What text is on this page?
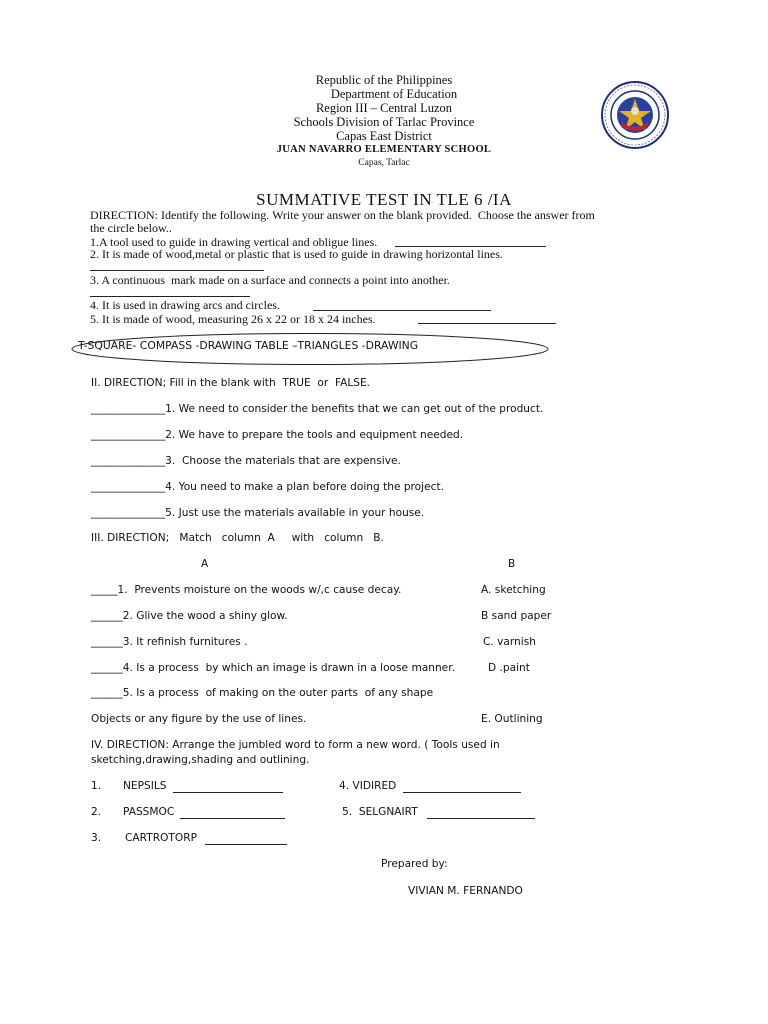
Republic of the Philippines
Department of Education
Region III – Central Luzon
Schools Division of Tarlac Province
Capas East District
JUAN NAVARRO ELEMENTARY SCHOOL
Capas, Tarlac
SUMMATIVE TEST IN TLE 6 /IA
DIRECTION: Identify the following. Write your answer on the blank provided.  Choose the answer from
the circle below..
1.A tool used to guide in drawing vertical and obligue lines.
2. It is made of wood,metal or plastic that is used to guide in drawing horizontal lines.
3. A continuous  mark made on a surface and connects a point into another.
4. It is used in drawing arcs and circles.
5. It is made of wood, measuring 26 x 22 or 18 x 24 inches.
T-SQUARE- COMPASS -DRAWING TABLE –TRIANGLES -DRAWING
II. DIRECTION; Fill in the blank with  TRUE  or  FALSE.
______________1. We need to consider the benefits that we can get out of the product.
______________2. We have to prepare the tools and equipment needed.
______________3.  Choose the materials that are expensive.
______________4. You need to make a plan before doing the project.
______________5. Just use the materials available in your house.
III. DIRECTION;   Match   column  A     with   column   B.
A	B
_____1.  Prevents moisture on the woods w/,c cause decay.
______2. Glive the wood a shiny glow.
______3. It refinish furnitures .
______4. Is a process  by which an image is drawn in a loose manner.
______5. Is a process  of making on the outer parts  of any shape
Objects or any figure by the use of lines.
A. sketching
B sand paper
C. varnish
D .paint
E. Outlining
IV. DIRECTION: Arrange the jumbled word to form a new word. ( Tools used in
sketching,drawing,shading and outlining.
1. NEPSILS
2. PASSMOC
3. CARTROTORP
4. VIDIRED
5.  SELGNAIRT
Prepared by:
VIVIAN M. FERNANDO
